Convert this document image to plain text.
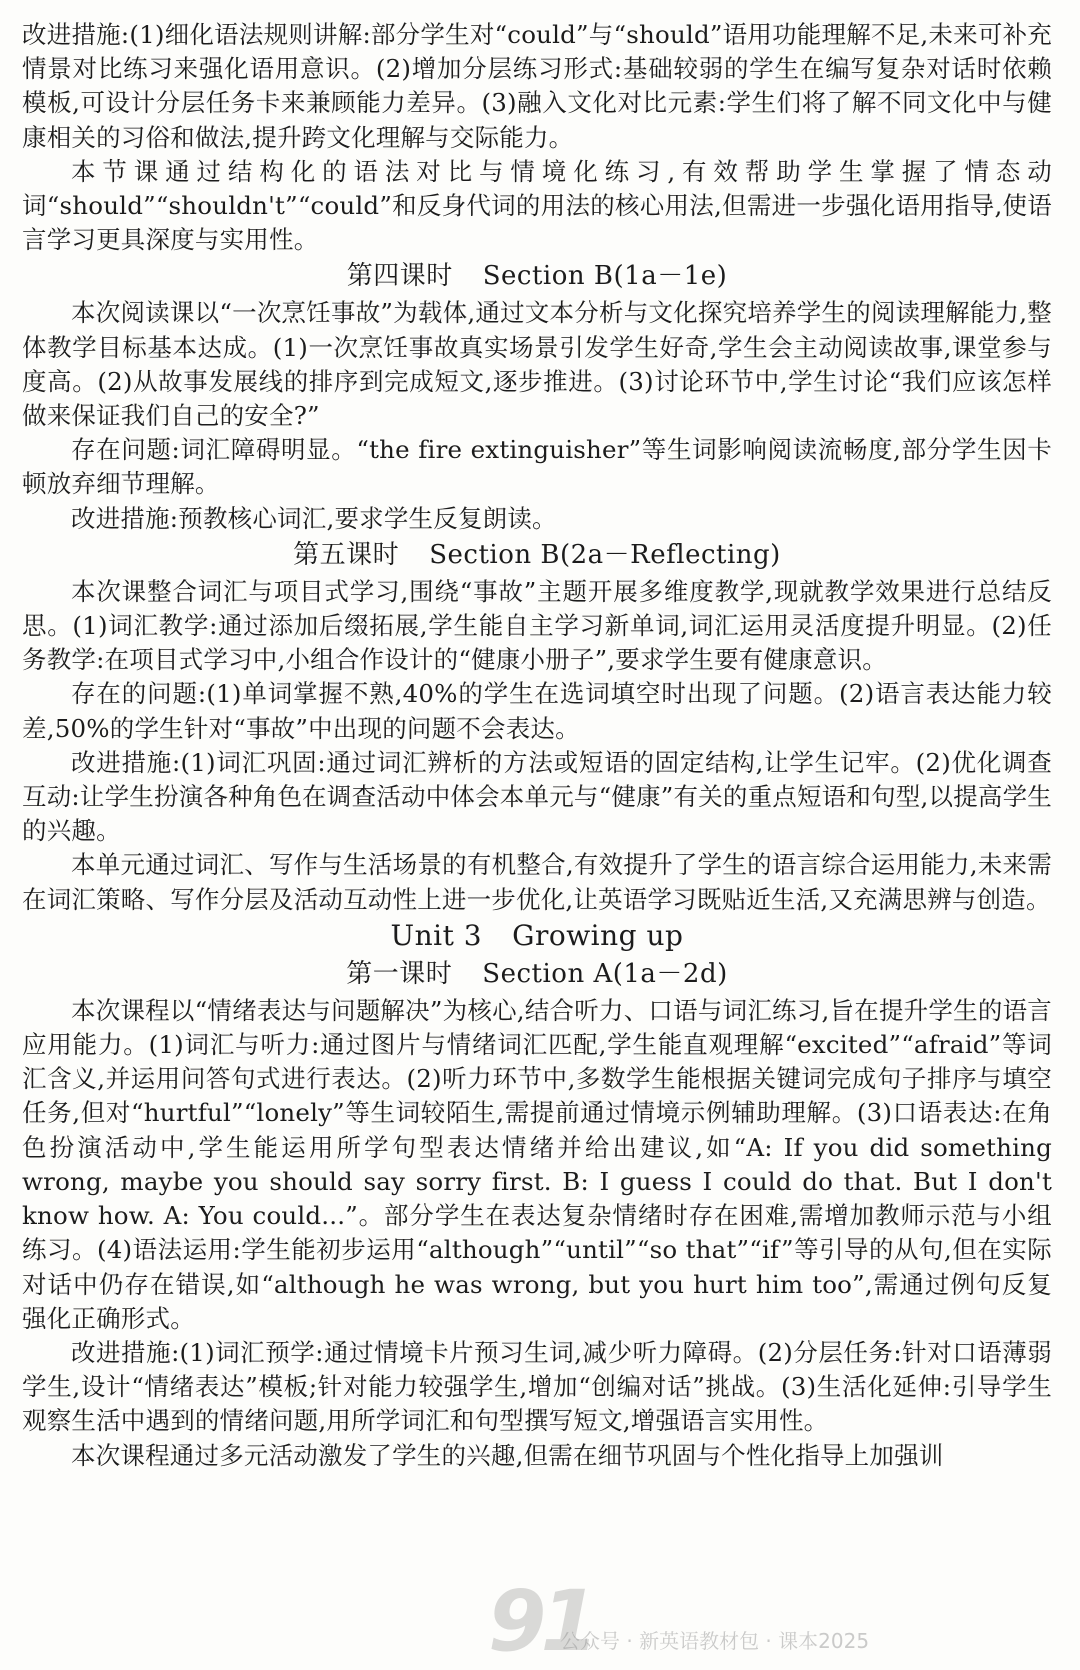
改进措施:(1)细化语法规则讲解:部分学生对“could”与“should”语用功能理解不足,未来可补充情景对比练习来强化语用意识。(2)增加分层练习形式:基础较弱的学生在编写复杂对话时依赖模板,可设计分层任务卡来兼顾能力差异。(3)融入文化对比元素:学生们将了解不同文化中与健康相关的习俗和做法,提升跨文化理解与交际能力。

本节课通过结构化的语法对比与情境化练习,有效帮助学生掌握了情态动词“should”“shouldn't”“could”和反身代词的用法的核心用法,但需进一步强化语用指导,使语言学习更具深度与实用性。

第四课时 Section B(1a－1e)

本次阅读课以“一次烹饪事故”为载体,通过文本分析与文化探究培养学生的阅读理解能力,整体教学目标基本达成。(1)一次烹饪事故真实场景引发学生好奇,学生会主动阅读故事,课堂参与度高。(2)从故事发展线的排序到完成短文,逐步推进。(3)讨论环节中,学生讨论“我们应该怎样做来保证我们自己的安全?”

存在问题:词汇障碍明显。“the fire extinguisher”等生词影响阅读流畅度,部分学生因卡顿放弃细节理解。

改进措施:预教核心词汇,要求学生反复朗读。

第五课时 Section B(2a－Reflecting)

本次课整合词汇与项目式学习,围绕“事故”主题开展多维度教学,现就教学效果进行总结反思。(1)词汇教学:通过添加后缀拓展,学生能自主学习新单词,词汇运用灵活度提升明显。(2)任务教学:在项目式学习中,小组合作设计的“健康小册子”,要求学生要有健康意识。

存在的问题:(1)单词掌握不熟,40%的学生在选词填空时出现了问题。(2)语言表达能力较差,50%的学生针对“事故”中出现的问题不会表达。

改进措施:(1)词汇巩固:通过词汇辨析的方法或短语的固定结构,让学生记牢。(2)优化调查互动:让学生扮演各种角色在调查活动中体会本单元与“健康”有关的重点短语和句型,以提高学生的兴趣。

本单元通过词汇、写作与生活场景的有机整合,有效提升了学生的语言综合运用能力,未来需在词汇策略、写作分层及活动互动性上进一步优化,让英语学习既贴近生活,又充满思辨与创造。

Unit 3 Growing up
第一课时 Section A(1a－2d)

本次课程以“情绪表达与问题解决”为核心,结合听力、口语与词汇练习,旨在提升学生的语言应用能力。(1)词汇与听力:通过图片与情绪词汇匹配,学生能直观理解“excited”“afraid”等词汇含义,并运用问答句式进行表达。(2)听力环节中,多数学生能根据关键词完成句子排序与填空任务,但对“hurtful”“lonely”等生词较陌生,需提前通过情境示例辅助理解。(3)口语表达:在角色扮演活动中,学生能运用所学句型表达情绪并给出建议,如“A: If you did something wrong, maybe you should say sorry first. B: I guess I could do that. But I don't know how. A: You could...”。部分学生在表达复杂情绪时存在困难,需增加教师示范与小组练习。(4)语法运用:学生能初步运用“although”“until”“so that”“if”等引导的从句,但在实际对话中仍存在错误,如“although he was wrong, but you hurt him too”,需通过例句反复强化正确形式。

改进措施:(1)词汇预学:通过情境卡片预习生词,减少听力障碍。(2)分层任务:针对口语薄弱学生,设计“情绪表达”模板;针对能力较强学生,增加“创编对话”挑战。(3)生活化延伸:引导学生观察生活中遇到的情绪问题,用所学词汇和句型撰写短文,增强语言实用性。

本次课程通过多元活动激发了学生的兴趣,但需在细节巩固与个性化指导上加强训

91
公众号 · 新英语教材包 · 课本2025
